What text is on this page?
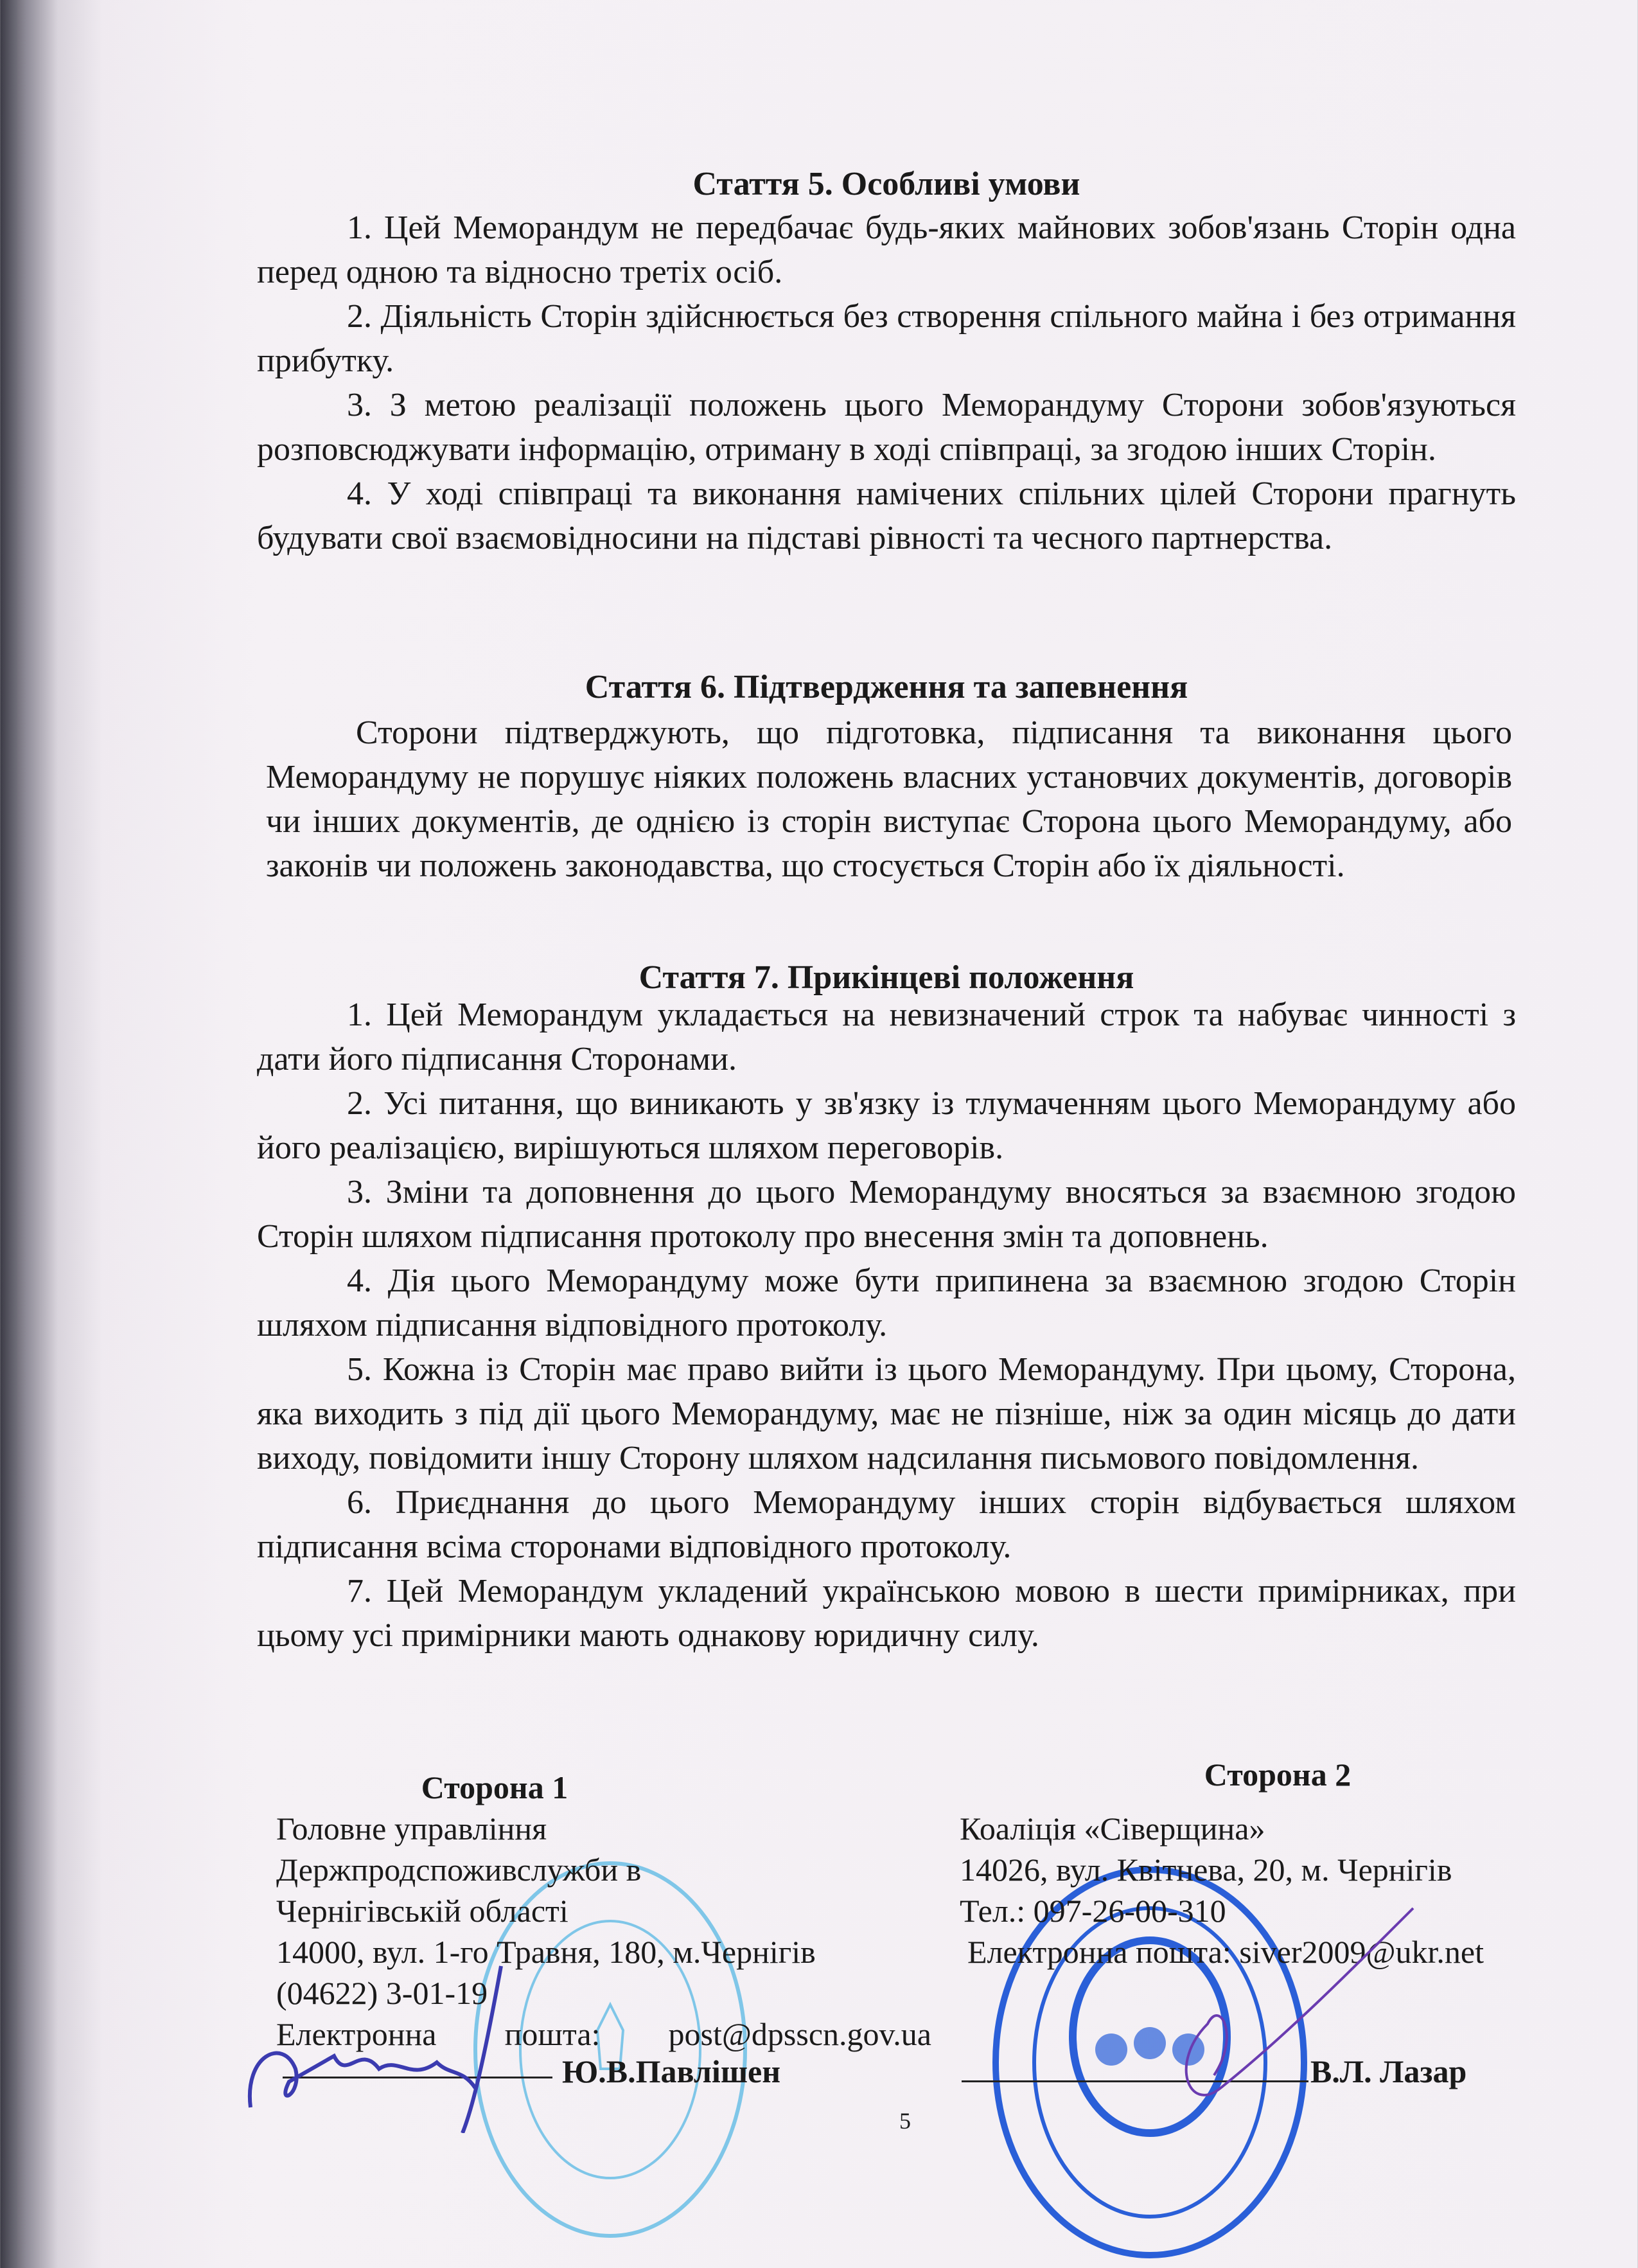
Стаття 5. Особливі умови

1. Цей Меморандум не передбачає будь-яких майнових зобов'язань Сторін одна перед одною та відносно третіх осіб.

2. Діяльність Сторін здійснюється без створення спільного майна і без отримання прибутку.

3. З метою реалізації положень цього Меморандуму Сторони зобов'язуються розповсюджувати інформацію, отриману в ході співпраці, за згодою інших Сторін.

4. У ході співпраці та виконання намічених спільних цілей Сторони прагнуть будувати свої взаємовідносини на підставі рівності та чесного партнерства.

Стаття 6. Підтвердження та запевнення

Сторони підтверджують, що підготовка, підписання та виконання цього Меморандуму не порушує ніяких положень власних установчих документів, договорів чи інших документів, де однією із сторін виступає Сторона цього Меморандуму, або законів чи положень законодавства, що стосується Сторін або їх діяльності.

Стаття 7. Прикінцеві положення

1. Цей Меморандум укладається на невизначений строк та набуває чинності з дати його підписання Сторонами.

2. Усі питання, що виникають у зв'язку із тлумаченням цього Меморандуму або його реалізацією, вирішуються шляхом переговорів.

3. Зміни та доповнення до цього Меморандуму вносяться за взаємною згодою Сторін шляхом підписання протоколу про внесення змін та доповнень.

4. Дія цього Меморандуму може бути припинена за взаємною згодою Сторін шляхом підписання відповідного протоколу.

5. Кожна із Сторін має право вийти із цього Меморандуму. При цьому, Сторона, яка виходить з під дії цього Меморандуму, має не пізніше, ніж за один місяць до дати виходу, повідомити іншу Сторону шляхом надсилання письмового повідомлення.

6. Приєднання до цього Меморандуму інших сторін відбувається шляхом підписання всіма сторонами відповідного протоколу.

7. Цей Меморандум укладений українською мовою в шести примірниках, при цьому усі примірники мають однакову юридичну силу.

Сторона 1
Головне управління
Держпродспоживслужби в
Чернігівській області
14000, вул. 1-го Травня, 180, м.Чернігів
(04622) 3-01-19
Електронна пошта: post@dpsscn.gov.ua
Сторона 2
Коаліція «Сіверщина»
14026, вул. Квітнева, 20, м. Чернігів
Тел.: 097-26-00-310
Електронна пошта: siver2009@ukr.net
Ю.В.Павлішен	В.Л. Лазар
5
